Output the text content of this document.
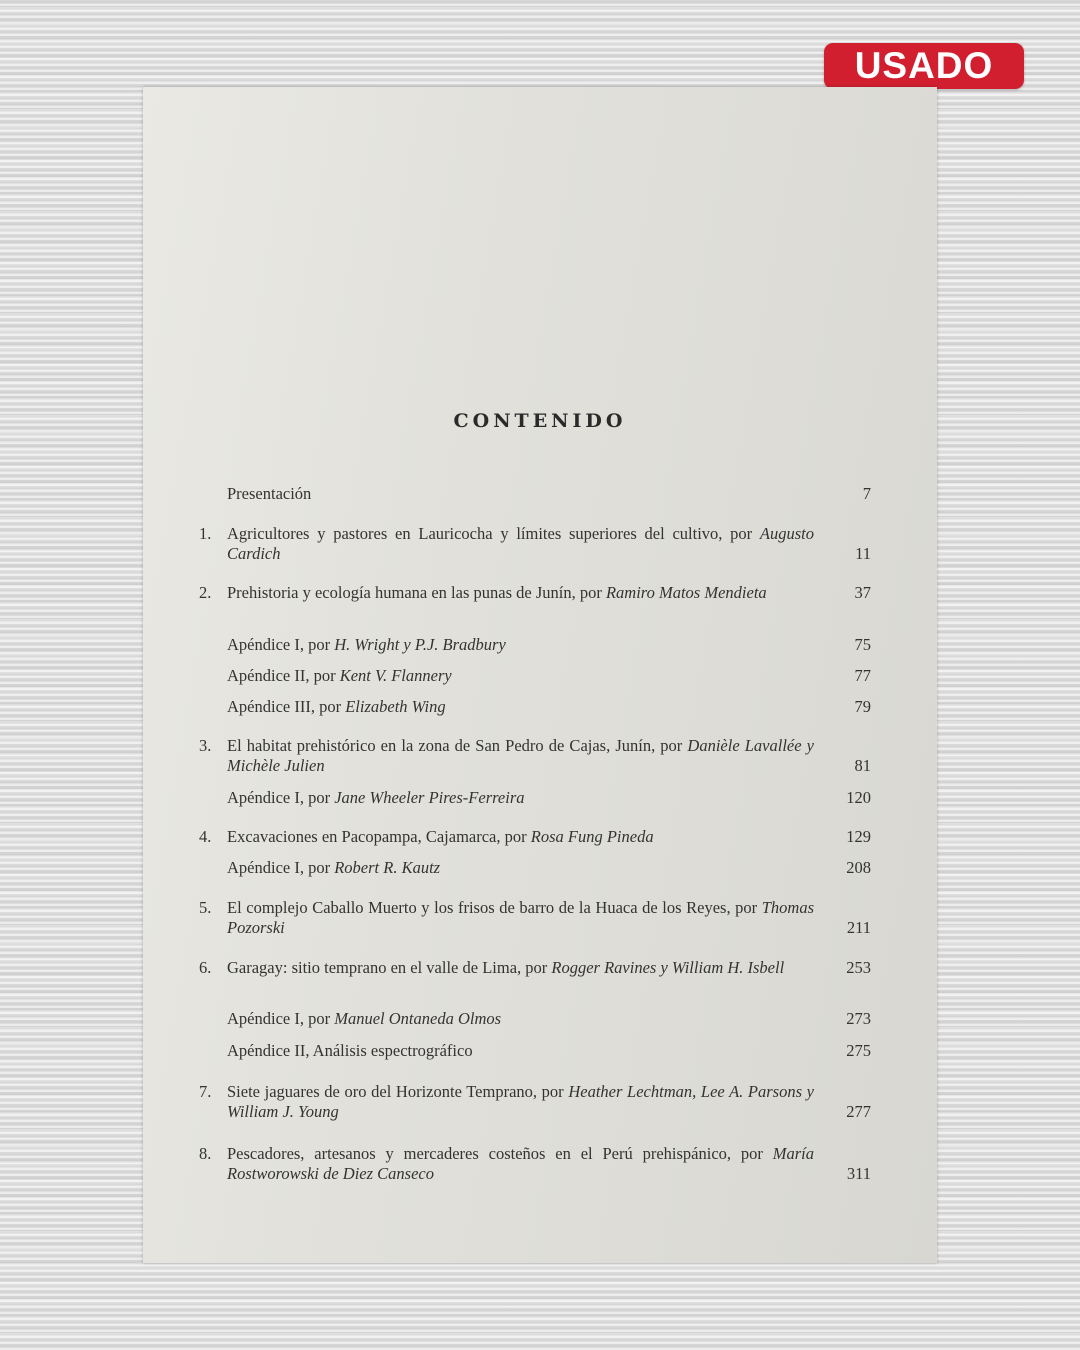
USADO
CONTENIDO
Presentación	7
1. Agricultores y pastores en Lauricocha y límites superiores del cultivo, por Augusto Cardich	11
2. Prehistoria y ecología humana en las punas de Junín, por Ramiro Matos Mendieta	37
Apéndice I, por H. Wright y P.J. Bradbury	75
Apéndice II, por Kent V. Flannery	77
Apéndice III, por Elizabeth Wing	79
3. El habitat prehistórico en la zona de San Pedro de Cajas, Junín, por Danièle Lavallée y Michèle Julien	81
Apéndice I, por Jane Wheeler Pires-Ferreira	120
4. Excavaciones en Pacopampa, Cajamarca, por Rosa Fung Pineda	129
Apéndice I, por Robert R. Kautz	208
5. El complejo Caballo Muerto y los frisos de barro de la Huaca de los Reyes, por Thomas Pozorski	211
6. Garagay: sitio temprano en el valle de Lima, por Rogger Ravines y William H. Isbell	253
Apéndice I, por Manuel Ontaneda Olmos	273
Apéndice II, Análisis espectrográfico	275
7. Siete jaguares de oro del Horizonte Temprano, por Heather Lechtman, Lee A. Parsons y William J. Young	277
8. Pescadores, artesanos y mercaderes costeños en el Perú prehispánico, por María Rostworowski de Diez Canseco	311
